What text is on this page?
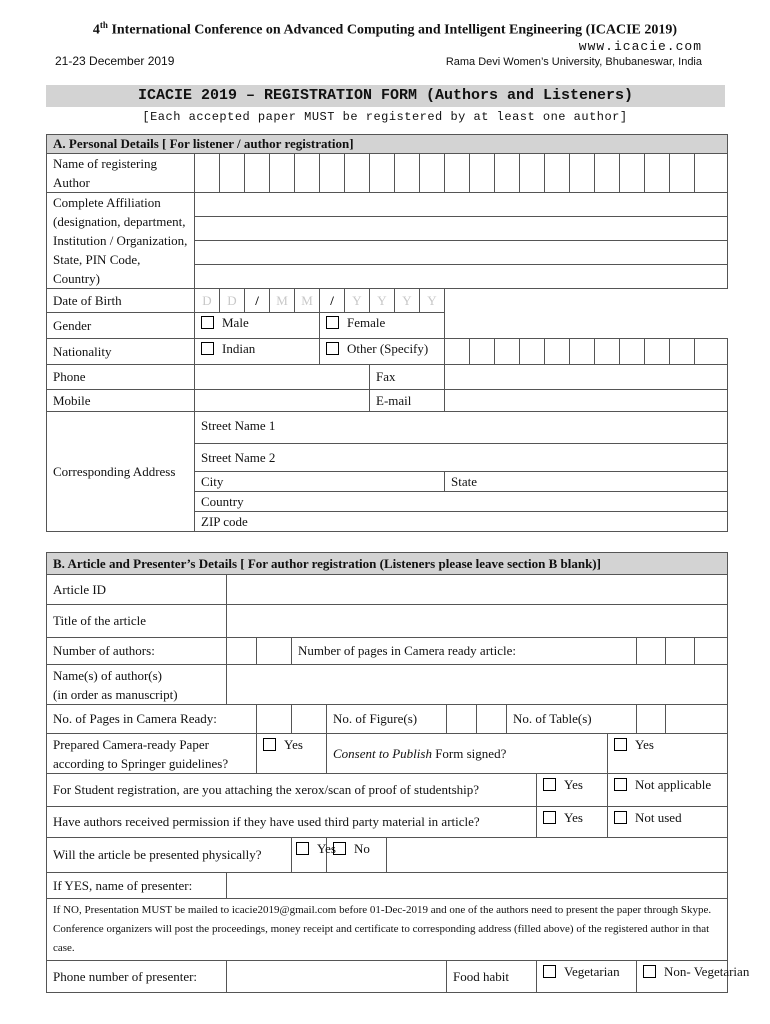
4th International Conference on Advanced Computing and Intelligent Engineering (ICACIE 2019)
www.icacie.com
21-23 December 2019	Rama Devi Women’s University, Bhubaneswar, India
ICACIE 2019 – REGISTRATION FORM (Authors and Listeners)
[Each accepted paper MUST be registered by at least one author]
A. Personal Details [ For listener / author registration]																					
Name of registering Author																					
Complete Affiliation (designation, department, Institution / Organization, State, PIN Code, Country)																					

Date of Birth	D	D	/	M	M	/	Y	Y	Y	Y											
Gender	Male					Female															
Nationality	Indian					Other (Specify)															
Phone								Fax													
Mobile								E-mail													
Corresponding Address	Street Name 1																				
	Street Name 2																				
	City										State										
	Country																				
	ZIP code																				
B. Article and Presenter’s Details [ For author registration (Listeners please leave section B blank)]													
Article ID													
Title of the article													
Number of authors:			Number of pages in Camera ready article:										
Name(s) of author(s)
(in order as manuscript)													
No. of Pages in Camera Ready:				No. of Figure(s)				No. of Table(s)					
Prepared Camera-ready Paper
according to Springer guidelines?		Yes		Consent to Publish Form signed?						Yes			
For Student registration, are you attaching the xerox/scan of proof of studentship?									Yes	Not applicable			
Have authors received permission if they have used third party material in article?									Yes	Not used			
Will the article be presented physically?			Yes	No									
If YES, name of presenter:													
If NO, Presentation MUST be mailed to icacie2019@gmail.com before 01-Dec-2019 and one of the authors need to present the paper through Skype. Conference organizers will post the proceedings, money receipt and certificate to corresponding address (filled above) of the registered author in that case.													
Phone number of presenter:						Food habit			Vegetarian		Non- Vegetarian		
